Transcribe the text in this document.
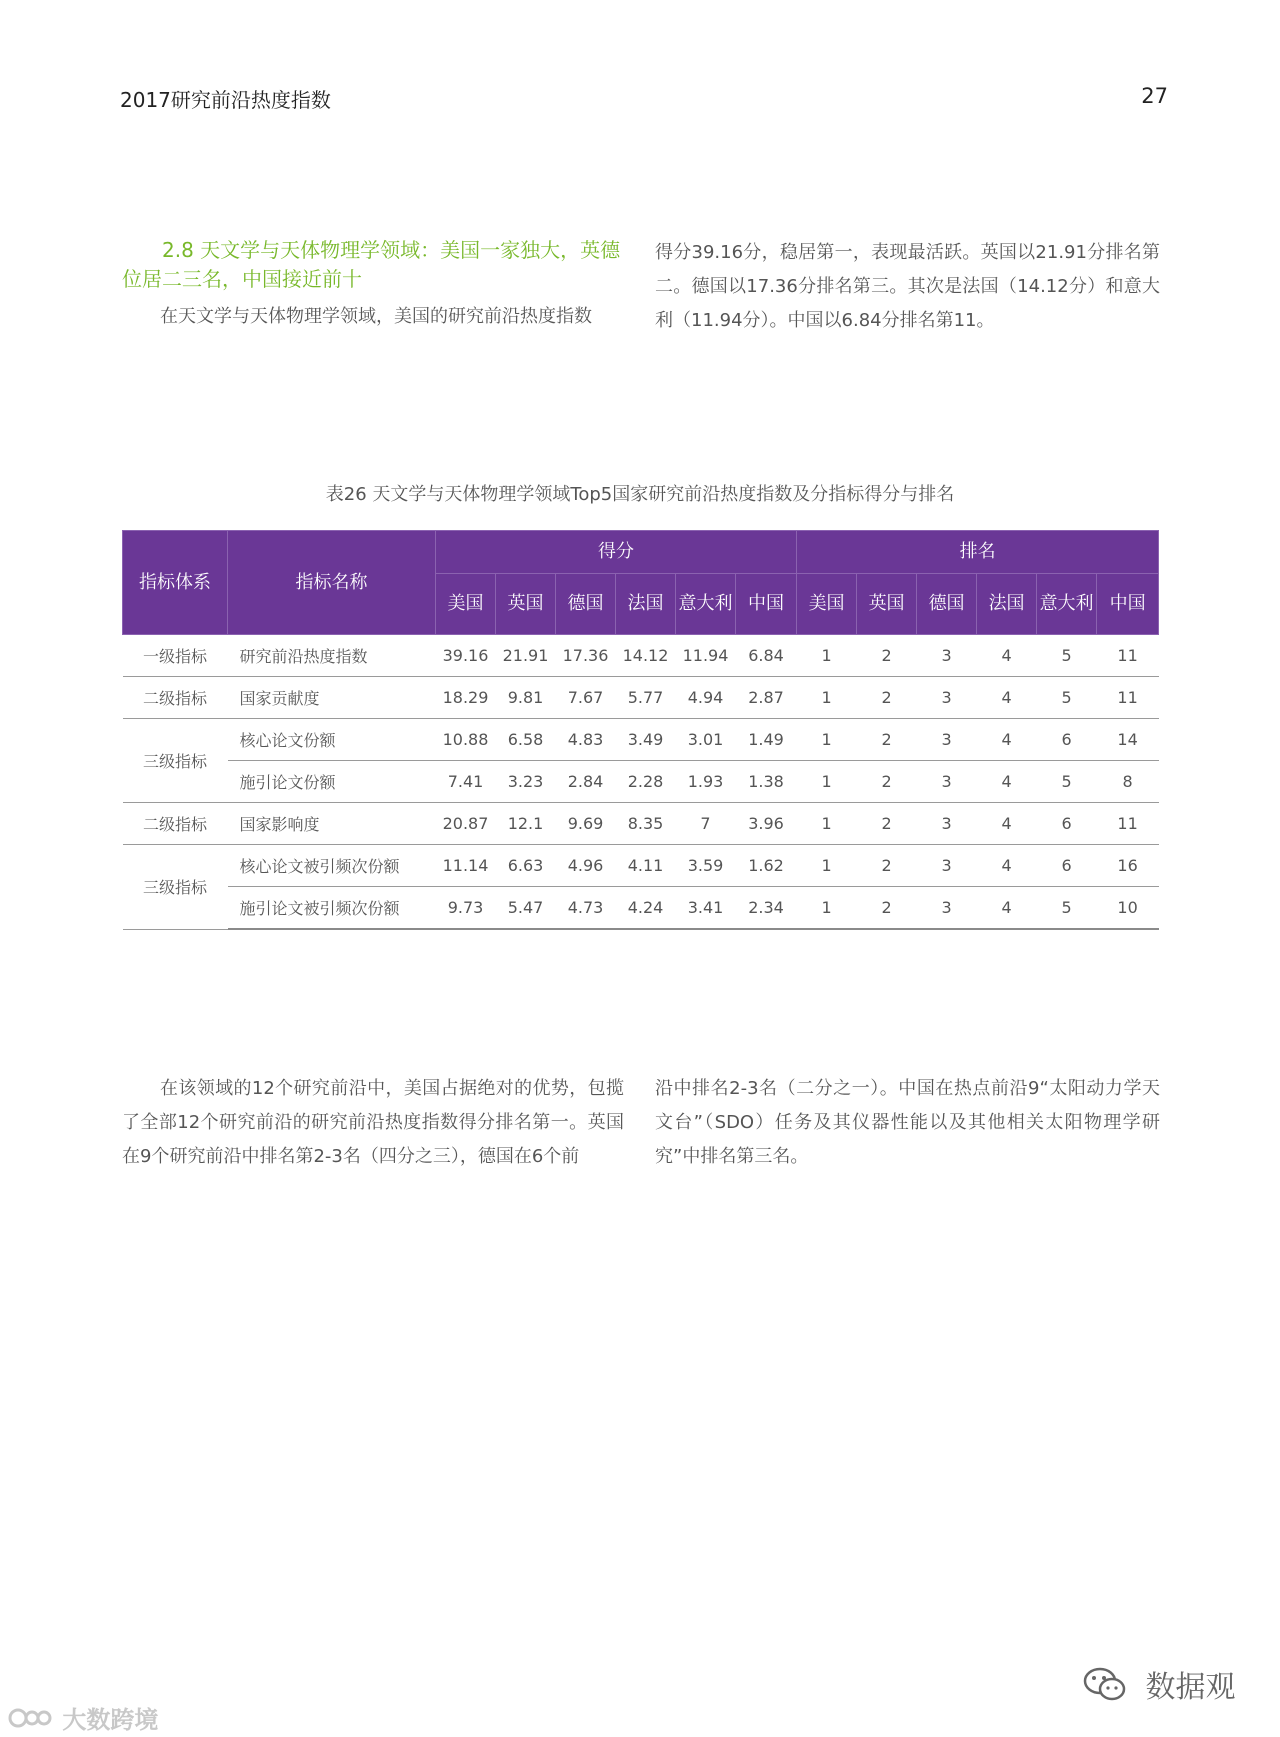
2017研究前沿热度指数	27

2.8 天文学与天体物理学领域：美国一家独大，英德位居二三名，中国接近前十

在天文学与天体物理学领域，美国的研究前沿热度指数

得分39.16分，稳居第一，表现最活跃。英国以21.91分排名第二。德国以17.36分排名第三。其次是法国（14.12分）和意大利（11.94分）。中国以6.84分排名第11。

表26 天文学与天体物理学领域Top5国家研究前沿热度指数及分指标得分与排名
指标体系	指标名称	得分						排名					
		美国	英国	德国	法国	意大利	中国	美国	英国	德国	法国	意大利	中国
一级指标	研究前沿热度指数	39.16	21.91	17.36	14.12	11.94	6.84	1	2	3	4	5	11
二级指标	国家贡献度	18.29	9.81	7.67	5.77	4.94	2.87	1	2	3	4	5	11
三级指标	核心论文份额	10.88	6.58	4.83	3.49	3.01	1.49	1	2	3	4	6	14
	施引论文份额	7.41	3.23	2.84	2.28	1.93	1.38	1	2	3	4	5	8
二级指标	国家影响度	20.87	12.1	9.69	8.35	7	3.96	1	2	3	4	6	11
三级指标	核心论文被引频次份额	11.14	6.63	4.96	4.11	3.59	1.62	1	2	3	4	6	16
	施引论文被引频次份额	9.73	5.47	4.73	4.24	3.41	2.34	1	2	3	4	5	10

在该领域的12个研究前沿中，美国占据绝对的优势，包揽了全部12个研究前沿的研究前沿热度指数得分排名第一。英国在9个研究前沿中排名第2-3名（四分之三），德国在6个前

沿中排名2-3名（二分之一）。中国在热点前沿9“太阳动力学天文台”（SDO）任务及其仪器性能以及其他相关太阳物理学研究”中排名第三名。

大数跨境
数据观
